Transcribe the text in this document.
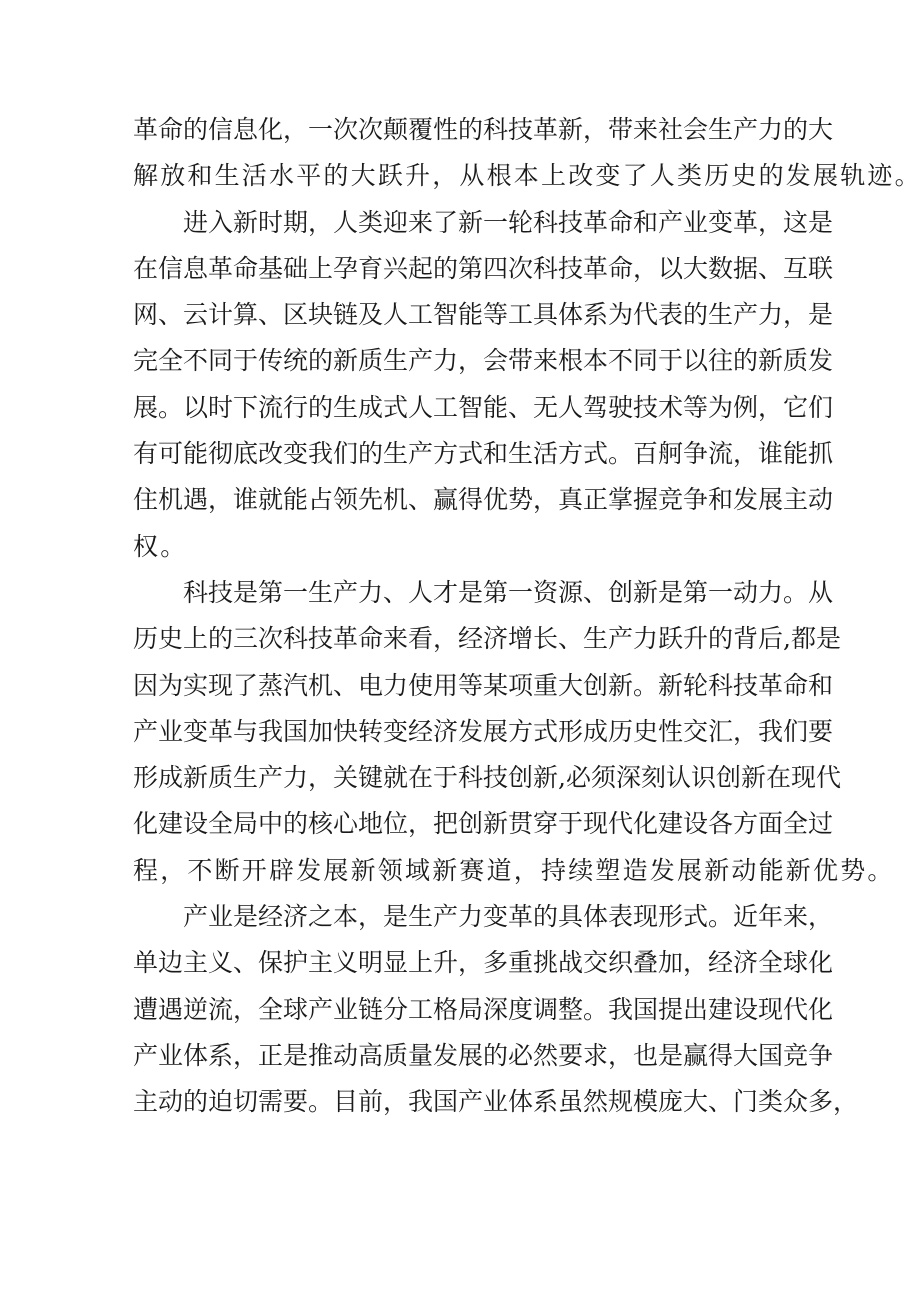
革命的信息化，一次次颠覆性的科技革新，带来社会生产力的大
解放和生活水平的大跃升，从根本上改变了人类历史的发展轨迹。
进入新时期，人类迎来了新一轮科技革命和产业变革，这是
在信息革命基础上孕育兴起的第四次科技革命，以大数据、互联
网、云计算、区块链及人工智能等工具体系为代表的生产力，是
完全不同于传统的新质生产力，会带来根本不同于以往的新质发
展。以时下流行的生成式人工智能、无人驾驶技术等为例，它们
有可能彻底改变我们的生产方式和生活方式。百舸争流，谁能抓
住机遇，谁就能占领先机、赢得优势，真正掌握竞争和发展主动
权。
科技是第一生产力、人才是第一资源、创新是第一动力。从
历史上的三次科技革命来看，经济增长、生产力跃升的背后,都是
因为实现了蒸汽机、电力使用等某项重大创新。新轮科技革命和
产业变革与我国加快转变经济发展方式形成历史性交汇，我们要
形成新质生产力，关键就在于科技创新,必须深刻认识创新在现代
化建设全局中的核心地位，把创新贯穿于现代化建设各方面全过
程，不断开辟发展新领域新赛道，持续塑造发展新动能新优势。
产业是经济之本，是生产力变革的具体表现形式。近年来，
单边主义、保护主义明显上升，多重挑战交织叠加，经济全球化
遭遇逆流，全球产业链分工格局深度调整。我国提出建设现代化
产业体系，正是推动高质量发展的必然要求，也是赢得大国竞争
主动的迫切需要。目前，我国产业体系虽然规模庞大、门类众多，
